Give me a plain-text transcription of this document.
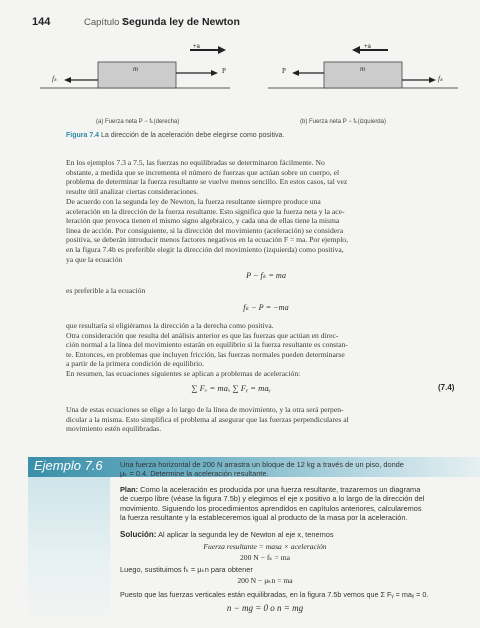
144	Capítulo 7
Segunda ley de Newton
+a
m	P
fₖ
+a
m
P
fₖ
(a) Fuerza neta P − fₖ(derecha)	(b) Fuerza neta P − fₖ(izquierda)
Figura 7.4 La dirección de la aceleración debe elegirse como positiva.
En los ejemplos 7.3 a 7.5, las fuerzas no equilibradas se determinaron fácilmente. No
obstante, a medida que se incrementa el número de fuerzas que actúan sobre un cuerpo, el
problema de determinar la fuerza resultante se vuelve menos sencillo. En estos casos, tal vez
resulte útil analizar ciertas consideraciones.
De acuerdo con la segunda ley de Newton, la fuerza resultante siempre produce una
aceleración en la dirección de la fuerza resultante. Esto significa que la fuerza neta y la ace-
leración que provoca tienen el mismo signo algebraico, y cada una de ellas tiene la misma
línea de acción. Por consiguiente, si la dirección del movimiento (aceleración) se considera
positiva, se deberán introducir menos factores negativos en la ecuación F = ma. Por ejemplo,
en la figura 7.4b es preferible elegir la dirección del movimiento (izquierda) como positiva,
ya que la ecuación
P − fₖ = ma
es preferible a la ecuación
fₖ − P = −ma
que resultaría si eligiéramos la dirección a la derecha como positiva.
Otra consideración que resulta del análisis anterior es que las fuerzas que actúan en direc-
ción normal a la línea del movimiento estarán en equilibrio si la fuerza resultante es constan-
te. Entonces, en problemas que incluyen fricción, las fuerzas normales pueden determinarse
a partir de la primera condición de equilibrio.
En resumen, las ecuaciones siguientes se aplican a problemas de aceleración:
∑ Fₓ = maₓ ∑ Fᵧ = maᵧ	(7.4)
Una de estas ecuaciones se elige a lo largo de la línea de movimiento, y la otra será perpen-
dicular a la misma. Esto simplifica el problema al asegurar que las fuerzas perpendiculares al
movimiento estén equilibradas.
Ejemplo 7.6 Una fuerza horizontal de 200 N arrastra un bloque de 12 kg a través de un piso, donde
μₖ = 0.4. Determine la aceleración resultante.
Plan: Como la aceleración es producida por una fuerza resultante, trazaremos un diagrama
de cuerpo libre (véase la figura 7.5b) y elegimos el eje x positivo a lo largo de la dirección del
movimiento. Siguiendo los procedimientos aprendidos en capítulos anteriores, calcularemos
la fuerza resultante y la estableceremos igual al producto de la masa por la aceleración.
Solución: Al aplicar la segunda ley de Newton al eje x, tenemos
Fuerza resultante = masa × aceleración
200 N − fₖ = ma
Luego, sustituimos fₖ = μₖn para obtener
200 N − μₖn = ma
Puesto que las fuerzas verticales están equilibradas, en la figura 7.5b vemos que Σ Fᵧ = maᵧ = 0.
n − mg = 0 o n = mg
